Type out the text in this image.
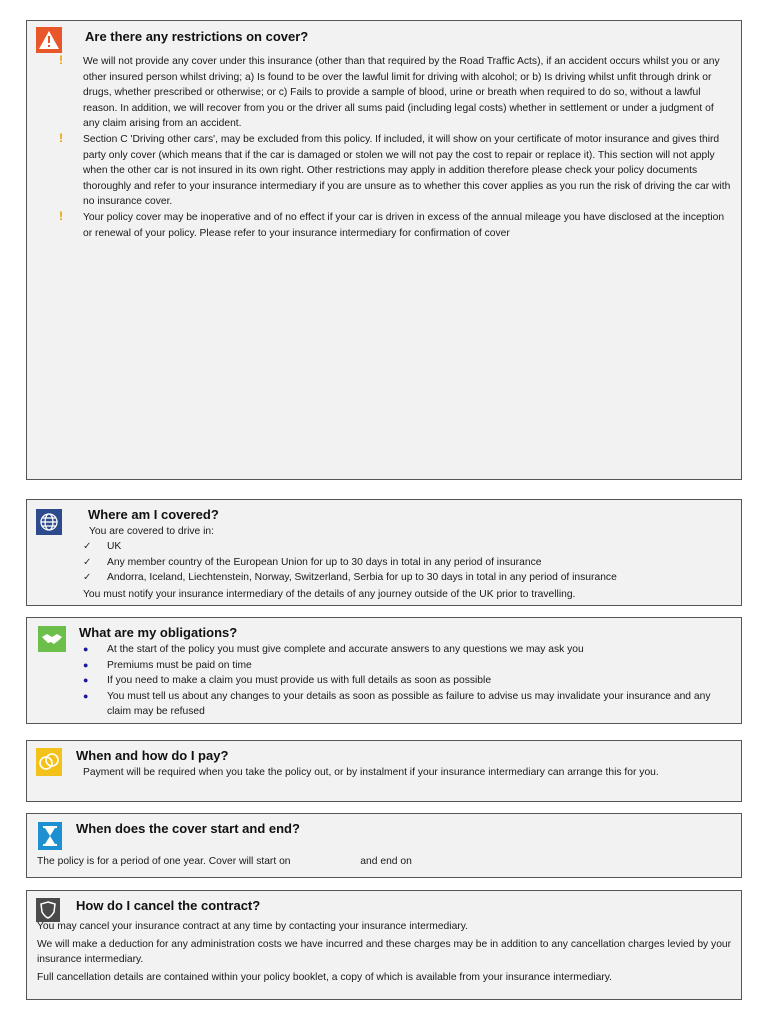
Are there any restrictions on cover?
! We will not provide any cover under this insurance (other than that required by the Road Traffic Acts), if an accident occurs whilst you or any other insured person whilst driving; a) Is found to be over the lawful limit for driving with alcohol; or b) Is driving whilst unfit through drink or drugs, whether prescribed or otherwise; or c) Fails to provide a sample of blood, urine or breath when required to do so, without a lawful reason. In addition, we will recover from you or the driver all sums paid (including legal costs) whether in settlement or under a judgment of any claim arising from an accident.
! Section C 'Driving other cars', may be excluded from this policy. If included, it will show on your certificate of motor insurance and gives third party only cover (which means that if the car is damaged or stolen we will not pay the cost to repair or replace it). This section will not apply when the other car is not insured in its own right. Other restrictions may apply in addition therefore please check your policy documents thoroughly and refer to your insurance intermediary if you are unsure as to whether this cover applies as you run the risk of driving the car with no insurance cover.
! Your policy cover may be inoperative and of no effect if your car is driven in excess of the annual mileage you have disclosed at the inception or renewal of your policy. Please refer to your insurance intermediary for confirmation of cover
Where am I covered?
You are covered to drive in:
✓ UK
✓ Any member country of the European Union for up to 30 days in total in any period of insurance
✓ Andorra, Iceland, Liechtenstein, Norway, Switzerland, Serbia for up to 30 days in total in any period of insurance
You must notify your insurance intermediary of the details of any journey outside of the UK prior to travelling.
What are my obligations?
● At the start of the policy you must give complete and accurate answers to any questions we may ask you
● Premiums must be paid on time
● If you need to make a claim you must provide us with full details as soon as possible
● You must tell us about any changes to your details as soon as possible as failure to advise us may invalidate your insurance and any claim may be refused
When and how do I pay?
Payment will be required when you take the policy out, or by instalment if your insurance intermediary can arrange this for you.
When does the cover start and end?
The policy is for a period of one year. Cover will start on	and end on
How do I cancel the contract?
You may cancel your insurance contract at any time by contacting your insurance intermediary.
We will make a deduction for any administration costs we have incurred and these charges may be in addition to any cancellation charges levied by your insurance intermediary.
Full cancellation details are contained within your policy booklet, a copy of which is available from your insurance intermediary.
